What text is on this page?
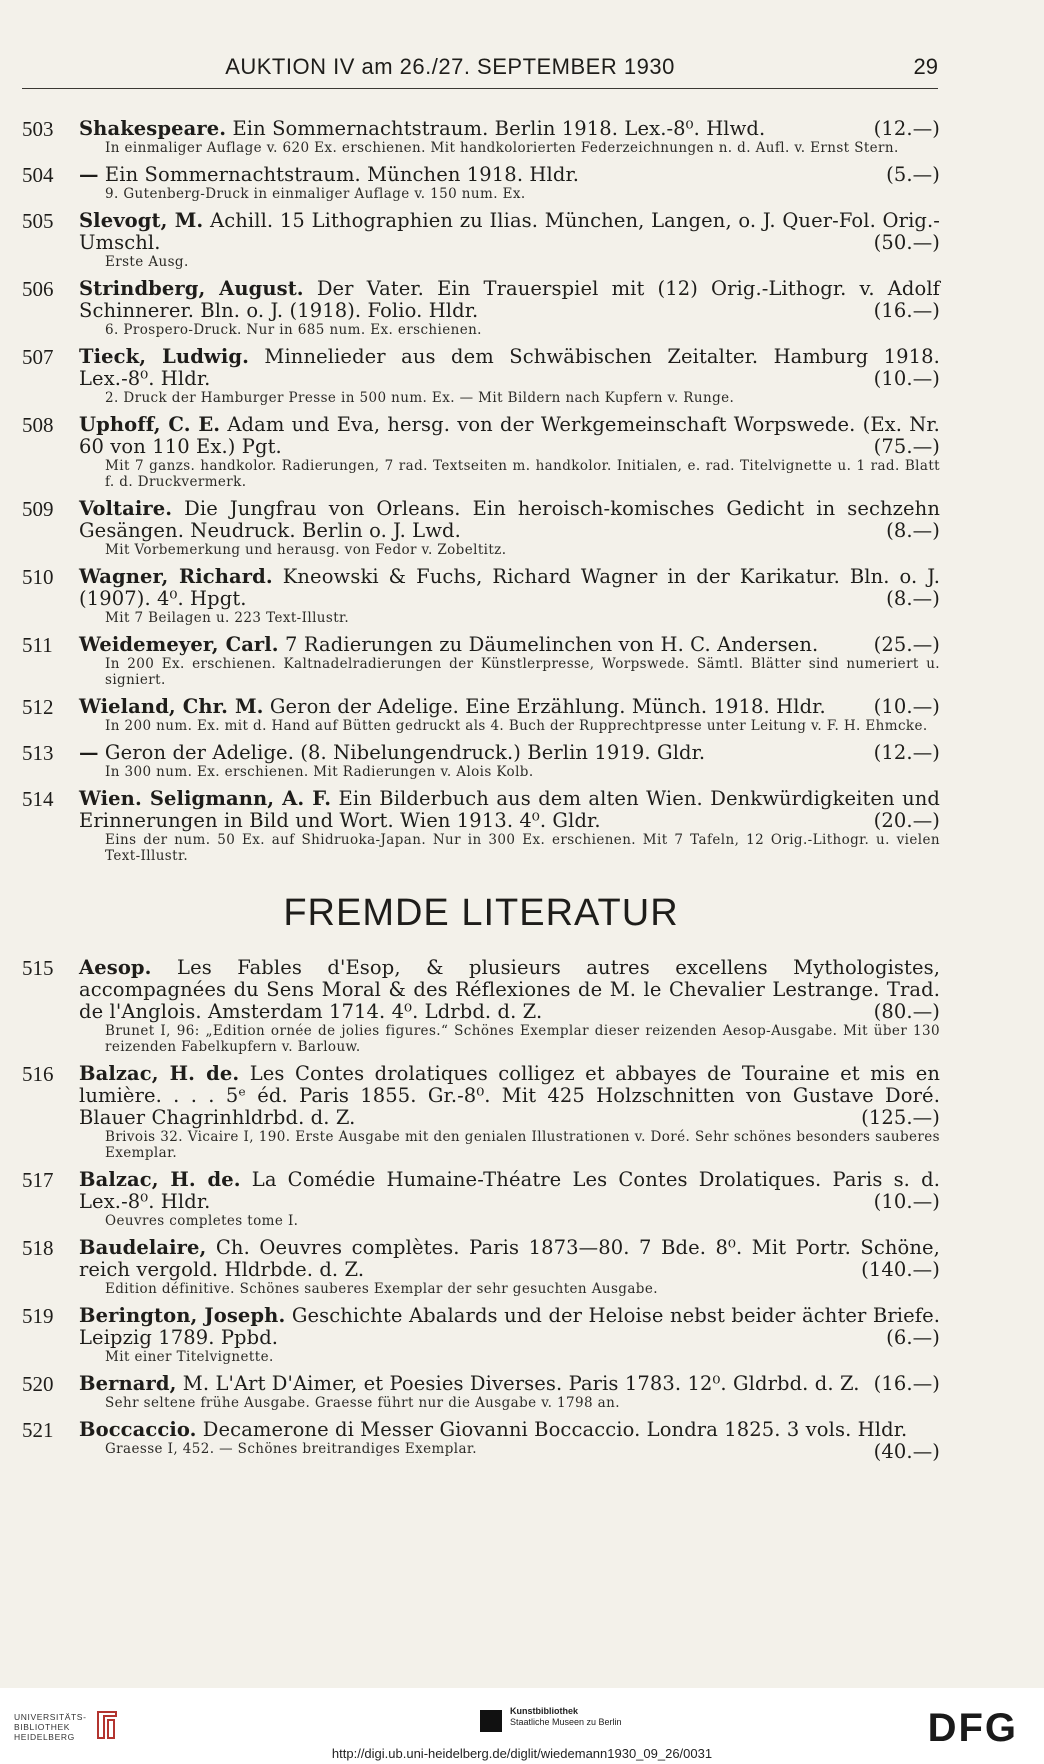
AUKTION IV am 26./27. SEPTEMBER 1930	29
503	Shakespeare. Ein Sommernachtstraum. Berlin 1918. Lex.-8⁰. Hlwd.	(12.—)
In einmaliger Auflage v. 620 Ex. erschienen. Mit handkolorierten Federzeichnungen n. d. Aufl. v. Ernst Stern.
504	— Ein Sommernachtstraum. München 1918. Hldr.	(5.—)
9. Gutenberg-Druck in einmaliger Auflage v. 150 num. Ex.
505	Slevogt, M. Achill. 15 Lithographien zu Ilias. München, Langen, o. J. Quer-Fol. Orig.-Umschl.	(50.—)
Erste Ausg.
506	Strindberg, August. Der Vater. Ein Trauerspiel mit (12) Orig.-Lithogr. v. Adolf Schinnerer. Bln. o. J. (1918). Folio. Hldr.	(16.—)
6. Prospero-Druck. Nur in 685 num. Ex. erschienen.
507	Tieck, Ludwig. Minnelieder aus dem Schwäbischen Zeitalter. Hamburg 1918. Lex.-8⁰. Hldr.	(10.—)
2. Druck der Hamburger Presse in 500 num. Ex. — Mit Bildern nach Kupfern v. Runge.
508	Uphoff, C. E. Adam und Eva, hersg. von der Werkgemeinschaft Worpswede. (Ex. Nr. 60 von 110 Ex.) Pgt.	(75.—)
Mit 7 ganzs. handkolor. Radierungen, 7 rad. Textseiten m. handkolor. Initialen, e. rad. Titelvignette u. 1 rad. Blatt f. d. Druckvermerk.
509	Voltaire. Die Jungfrau von Orleans. Ein heroisch-komisches Gedicht in sechzehn Gesängen. Neudruck. Berlin o. J. Lwd.	(8.—)
Mit Vorbemerkung und herausg. von Fedor v. Zobeltitz.
510	Wagner, Richard. Kneowski & Fuchs, Richard Wagner in der Karikatur. Bln. o. J. (1907). 4⁰. Hpgt.	(8.—)
Mit 7 Beilagen u. 223 Text-Illustr.
511	Weidemeyer, Carl. 7 Radierungen zu Däumelinchen von H. C. Andersen.	(25.—)
In 200 Ex. erschienen. Kaltnadelradierungen der Künstlerpresse, Worpswede. Sämtl. Blätter sind numeriert u. signiert.
512	Wieland, Chr. M. Geron der Adelige. Eine Erzählung. Münch. 1918. Hldr.	(10.—)
In 200 num. Ex. mit d. Hand auf Bütten gedruckt als 4. Buch der Rupprechtpresse unter Leitung v. F. H. Ehmcke.
513	— Geron der Adelige. (8. Nibelungendruck.) Berlin 1919. Gldr.	(12.—)
In 300 num. Ex. erschienen. Mit Radierungen v. Alois Kolb.
514	Wien. Seligmann, A. F. Ein Bilderbuch aus dem alten Wien. Denkwürdigkeiten und Erinnerungen in Bild und Wort. Wien 1913. 4⁰. Gldr.	(20.—)
Eins der num. 50 Ex. auf Shidruoka-Japan. Nur in 300 Ex. erschienen. Mit 7 Tafeln, 12 Orig.-Lithogr. u. vielen Text-Illustr.
FREMDE LITERATUR
515	Aesop. Les Fables d'Esop, & plusieurs autres excellens Mythologistes, accompagnées du Sens Moral & des Réflexiones de M. le Chevalier Lestrange. Trad. de l'Anglois. Amsterdam 1714. 4⁰. Ldrbd. d. Z.	(80.—)
Brunet I, 96: „Edition ornée de jolies figures.“ Schönes Exemplar dieser reizenden Aesop-Ausgabe. Mit über 130 reizenden Fabelkupfern v. Barlouw.
516	Balzac, H. de. Les Contes drolatiques colligez et abbayes de Touraine et mis en lumière. . . . 5ᵉ éd. Paris 1855. Gr.-8⁰. Mit 425 Holzschnitten von Gustave Doré. Blauer Chagrinhldrbd. d. Z.	(125.—)
Brivois 32. Vicaire I, 190. Erste Ausgabe mit den genialen Illustrationen v. Doré. Sehr schönes besonders sauberes Exemplar.
517	Balzac, H. de. La Comédie Humaine-Théatre Les Contes Drolatiques. Paris s. d. Lex.-8⁰. Hldr.	(10.—)
Oeuvres completes tome I.
518	Baudelaire, Ch. Oeuvres complètes. Paris 1873—80. 7 Bde. 8⁰. Mit Portr. Schöne, reich vergold. Hldrbde. d. Z.	(140.—)
Edition définitive. Schönes sauberes Exemplar der sehr gesuchten Ausgabe.
519	Berington, Joseph. Geschichte Abalards und der Heloise nebst beider ächter Briefe. Leipzig 1789. Ppbd.	(6.—)
Mit einer Titelvignette.
520	Bernard, M. L'Art D'Aimer, et Poesies Diverses. Paris 1783. 12⁰. Gldrbd. d. Z. (16.—)
Sehr seltene frühe Ausgabe. Graesse führt nur die Ausgabe v. 1798 an.
521	Boccaccio. Decamerone di Messer Giovanni Boccaccio. Londra 1825. 3 vols. Hldr.
(40.—)
Graesse I, 452. — Schönes breitrandiges Exemplar.
UNIVERSITÄTS-
BIBLIOTHEK
HEIDELBERG
Kunstbibliothek
Staatliche Museen zu Berlin	DFG
http://digi.ub.uni-heidelberg.de/diglit/wiedemann1930_09_26/0031
